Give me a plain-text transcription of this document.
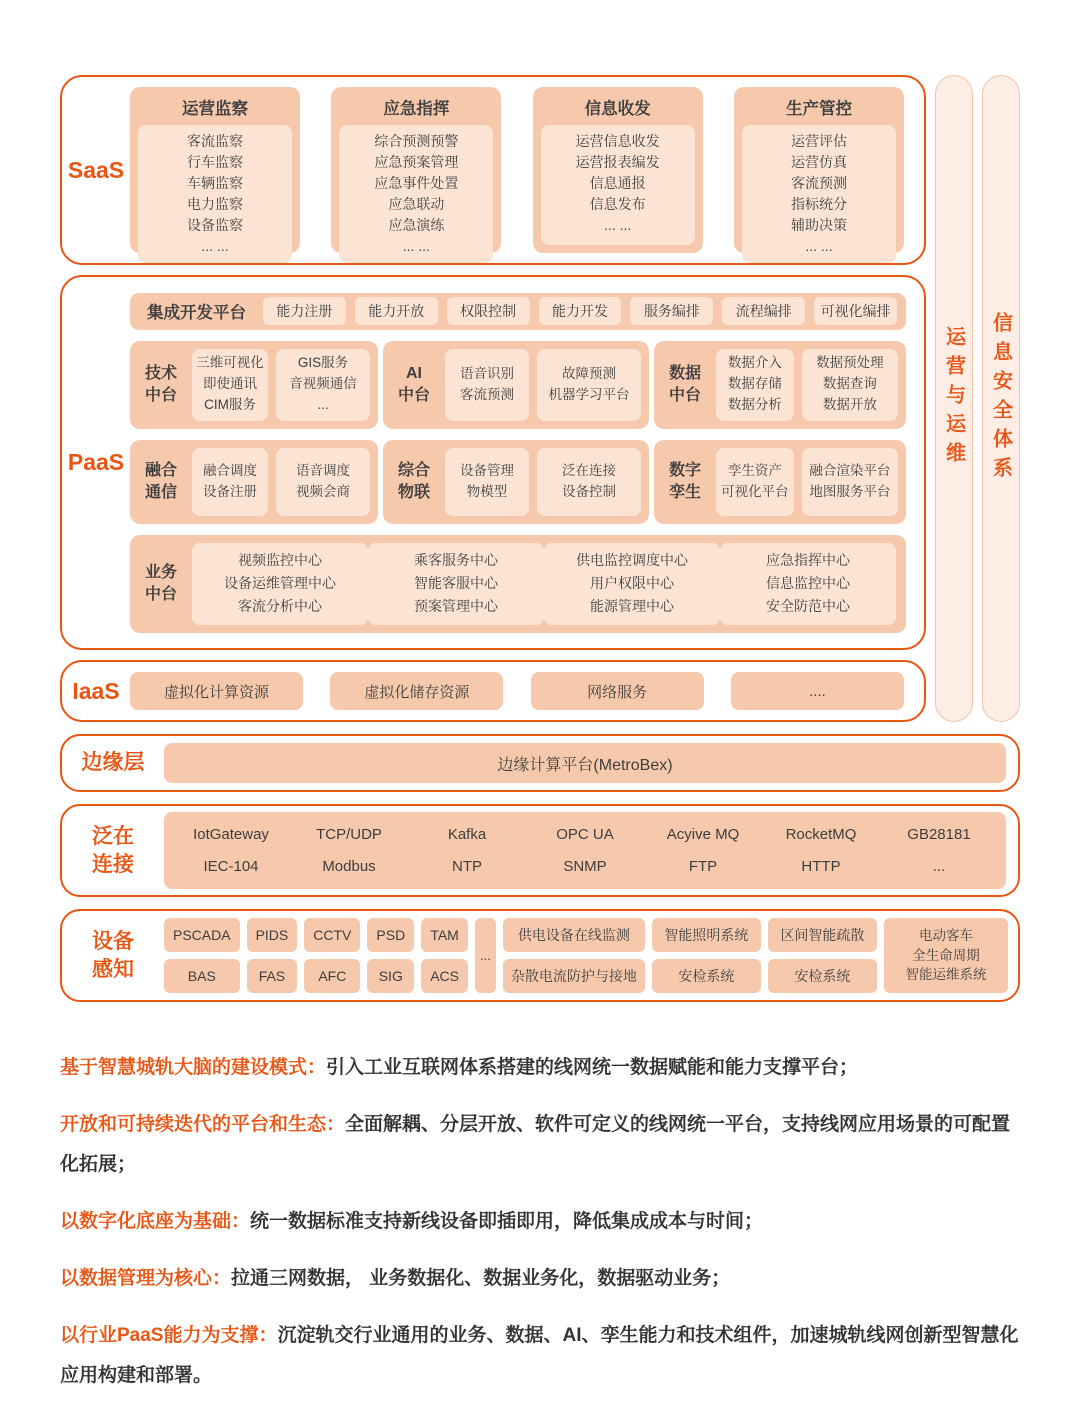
SaaS
运营监察
客流监察
行车监察
车辆监察
电力监察
设备监察
... ...
应急指挥
综合预测预警
应急预案管理
应急事件处置
应急联动
应急演练
... ...
信息收发
运营信息收发
运营报表编发
信息通报
信息发布
... ...
生产管控
运营评估
运营仿真
客流预测
指标统分
辅助决策
... ...
PaaS
集成开发平台	能力注册	能力开放	权限控制	能力开发	服务编排	流程编排	可视化编排
技术
中台
三维可视化
即使通讯
CIM服务
GIS服务
音视频通信
...
AI
中台
语音识别
客流预测
故障预测
机器学习平台
数据
中台
数据介入
数据存储
数据分析
数据预处理
数据查询
数据开放
融合
通信
融合调度
设备注册
语音调度
视频会商
综合
物联
设备管理
物模型
泛在连接
设备控制
数字
孪生
孪生资产
可视化平台
融合渲染平台
地图服务平台
业务
中台
视频监控中心
设备运维管理中心
客流分析中心
乘客服务中心
智能客服中心
预案管理中心
供电监控调度中心
用户权限中心
能源管理中心
应急指挥中心
信息监控中心
安全防范中心
IaaS	虚拟化计算资源	虚拟化储存资源	网络服务	....
运营与运维 信息安全体系
边缘层	边缘计算平台(MetroBex)
泛在
连接
IotGateway	TCP/UDP	Kafka	OPC UA	Acyive MQ	RocketMQ	GB28181
IEC-104	Modbus	NTP	SNMP	FTP	HTTP	...
设备
感知
PSCADA	PIDS	CCTV	PSD	TAM
BAS	FAS	AFC	SIG	ACS
...
供电设备在线监测	智能照明系统	区间智能疏散
杂散电流防护与接地	安检系统	安检系统
电动客车
全生命周期
智能运维系统

基于智慧城轨大脑的建设模式：引入工业互联网体系搭建的线网统一数据赋能和能力支撑平台；

开放和可持续迭代的平台和生态：全面解耦、分层开放、软件可定义的线网统一平台，支持线网应用场景的可配置化拓展；

以数字化底座为基础：统一数据标准支持新线设备即插即用，降低集成成本与时间；

以数据管理为核心：拉通三网数据， 业务数据化、数据业务化，数据驱动业务；

以行业PaaS能力为支撑：沉淀轨交行业通用的业务、数据、AI、孪生能力和技术组件，加速城轨线网创新型智慧化应用构建和部署。
